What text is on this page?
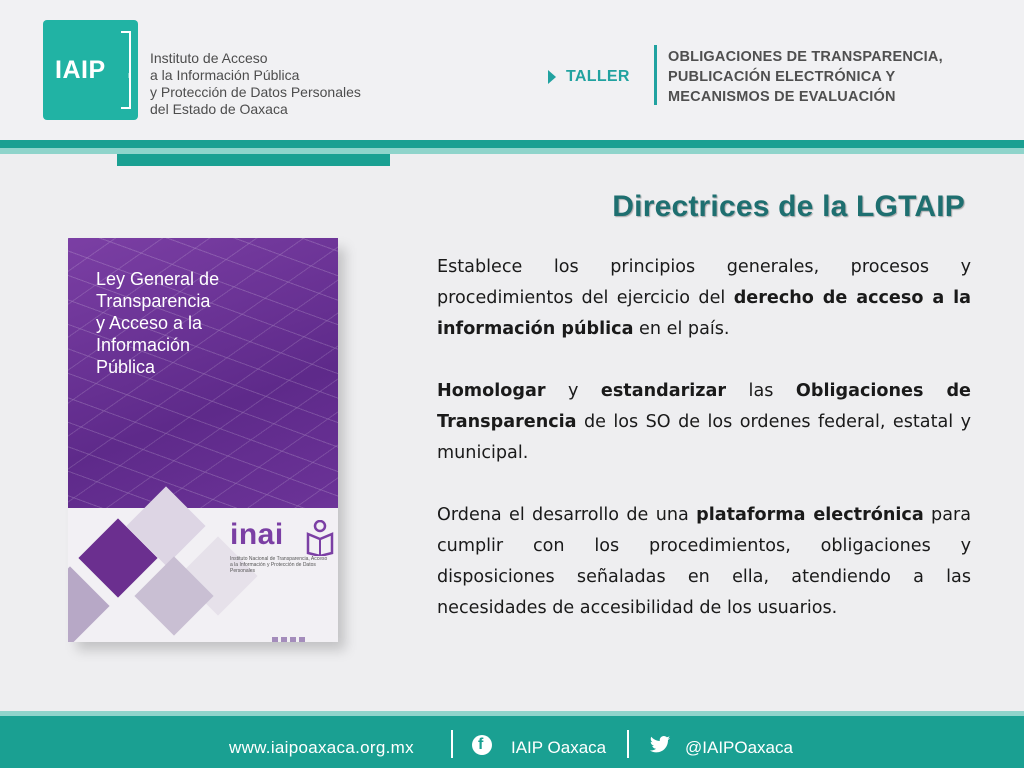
IAIP	I
Instituto de Acceso
a la Información Pública
y Protección de Datos Personales
del Estado de Oaxaca
TALLER
OBLIGACIONES DE TRANSPARENCIA,
PUBLICACIÓN ELECTRÓNICA Y
MECANISMOS DE EVALUACIÓN
Directrices de la LGTAIP
Ley General de
Transparencia
y Acceso a la
Información
Pública
inai
Instituto Nacional de Transparencia, Acceso a la Información y Protección de Datos Personales

Establece los principios generales, procesos y procedimientos del ejercicio del derecho de acceso a la información pública en el país.

Homologar y estandarizar las Obligaciones de Transparencia de los SO de los ordenes federal, estatal y municipal.

Ordena el desarrollo de una plataforma electrónica para cumplir con los procedimientos, obligaciones y disposiciones señaladas en ella, atendiendo a las necesidades de accesibilidad de los usuarios.

www.iaipoaxaca.org.mx	f IAIP Oaxaca	@IAIPOaxaca
